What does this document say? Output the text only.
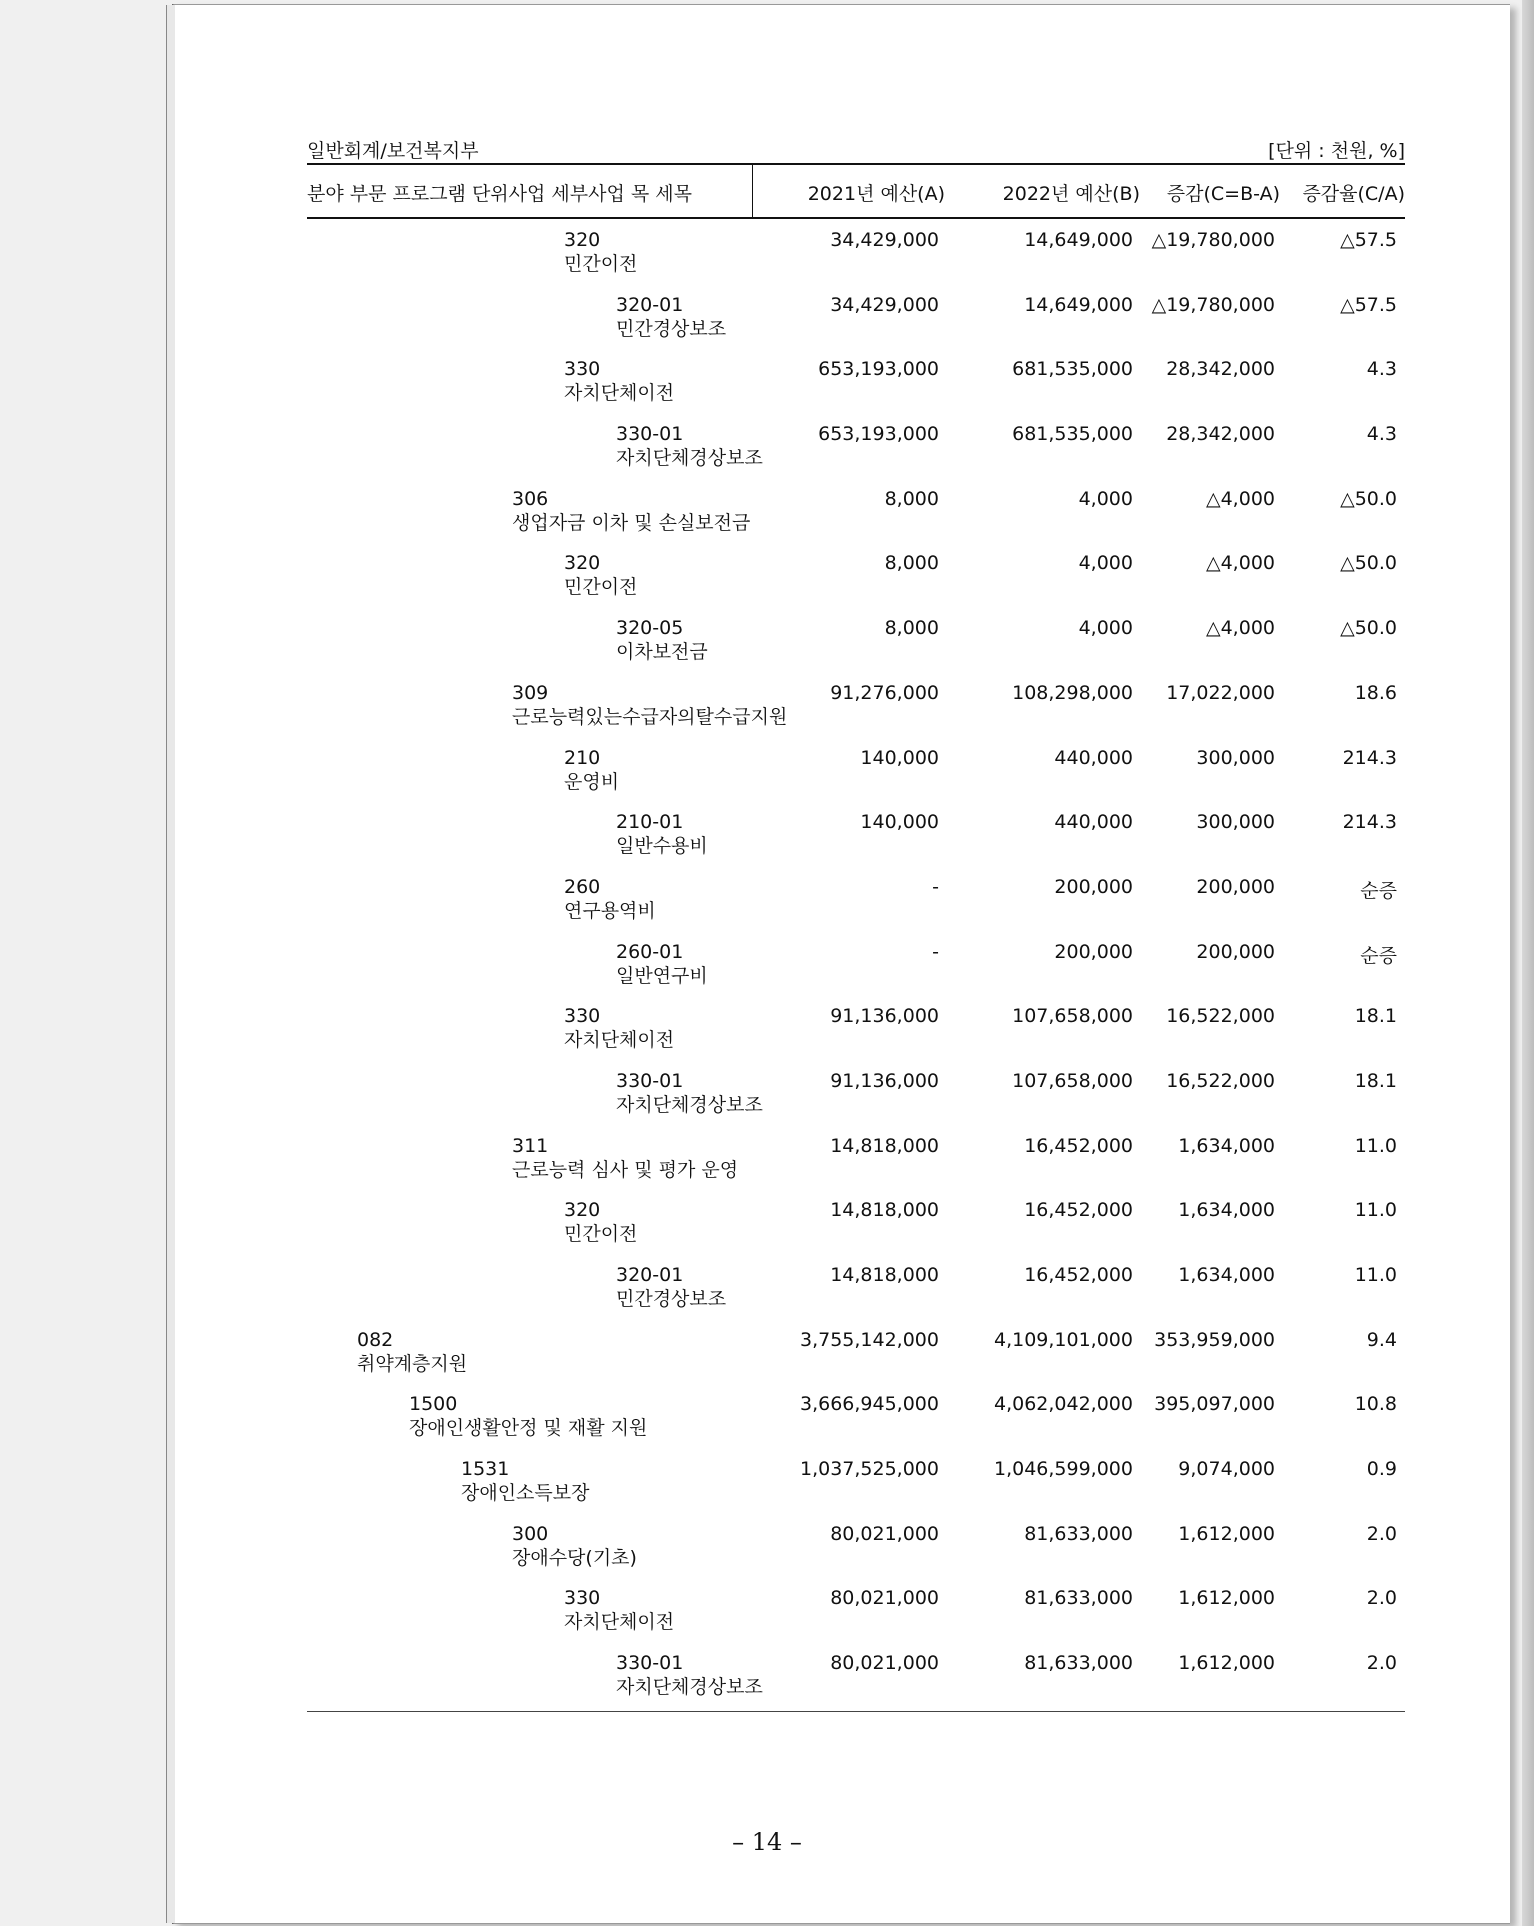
일반회계/보건복지부	[단위 : 천원, %]
분야 부문 프로그램 단위사업 세부사업 목 세목	2021년 예산(A)	2022년 예산(B) 증감(C=B-A) 증감율(C/A)
320
민간이전
34,429,000	14,649,000 △19,780,000	△57.5
320-01
민간경상보조
34,429,000	14,649,000 △19,780,000	△57.5
330
자치단체이전
653,193,000	681,535,000 28,342,000	4.3
330-01
자치단체경상보조
653,193,000	681,535,000 28,342,000	4.3
306
생업자금 이차 및 손실보전금
8,000	4,000	△4,000	△50.0
320
민간이전
8,000	4,000	△4,000	△50.0
320-05
이차보전금
8,000	4,000	△4,000	△50.0
309
근로능력있는수급자의탈수급지원
91,276,000	108,298,000 17,022,000	18.6
210
운영비
140,000	440,000	300,000	214.3
210-01
일반수용비
140,000	440,000	300,000	214.3
260
연구용역비
-	200,000	200,000	순증
260-01
일반연구비
-	200,000	200,000	순증
330
자치단체이전
91,136,000	107,658,000 16,522,000	18.1
330-01
자치단체경상보조
91,136,000	107,658,000 16,522,000	18.1
311
근로능력 심사 및 평가 운영
14,818,000	16,452,000 1,634,000	11.0
320
민간이전
14,818,000	16,452,000 1,634,000	11.0
320-01
민간경상보조
14,818,000	16,452,000 1,634,000	11.0
082
취약계층지원
3,755,142,000	4,109,101,000 353,959,000	9.4
1500
장애인생활안정 및 재활 지원
3,666,945,000	4,062,042,000 395,097,000	10.8
1531
장애인소득보장
1,037,525,000	1,046,599,000 9,074,000	0.9
300
장애수당(기초)
80,021,000	81,633,000 1,612,000	2.0
330
자치단체이전
80,021,000	81,633,000 1,612,000	2.0
330-01
자치단체경상보조
80,021,000	81,633,000 1,612,000	2.0
– 14 –
